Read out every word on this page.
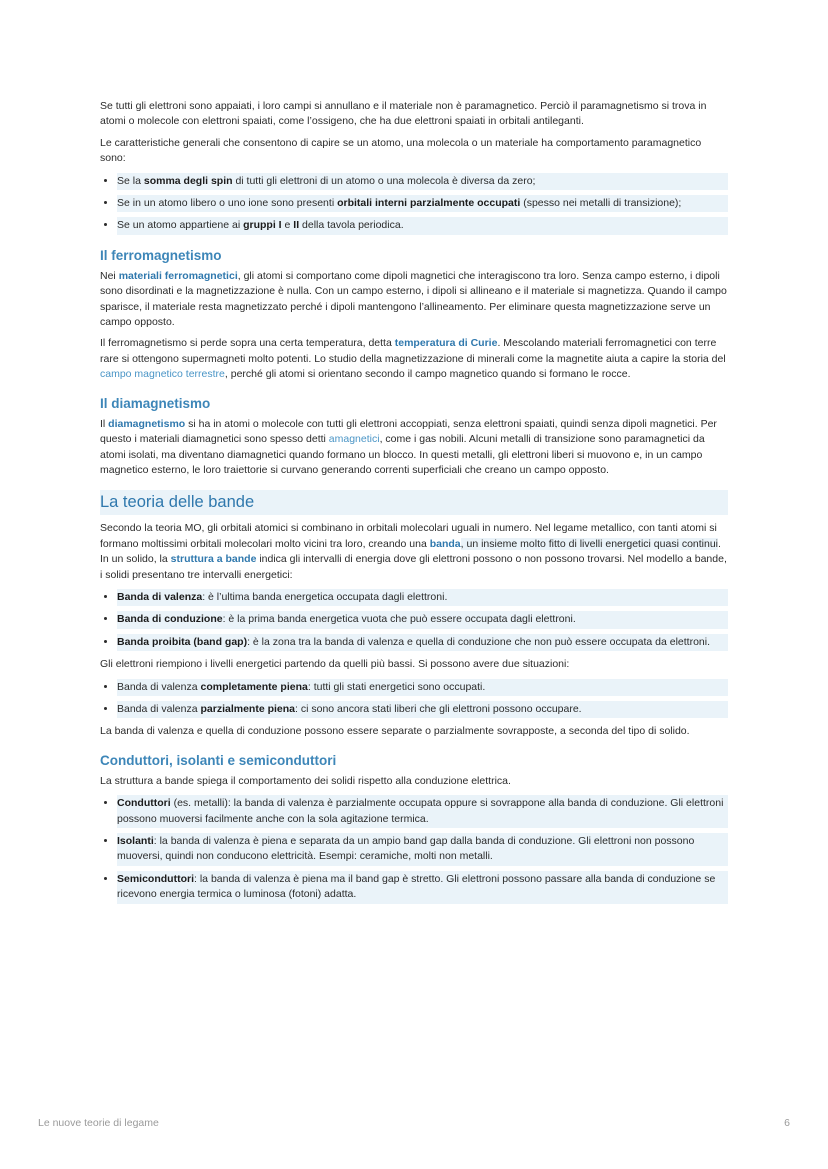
Se tutti gli elettroni sono appaiati, i loro campi si annullano e il materiale non è paramagnetico. Perciò il paramagnetismo si trova in atomi o molecole con elettroni spaiati, come l’ossigeno, che ha due elettroni spaiati in orbitali antileganti.

Le caratteristiche generali che consentono di capire se un atomo, una molecola o un materiale ha comportamento paramagnetico sono:

• Se la somma degli spin di tutti gli elettroni di un atomo o una molecola è diversa da zero;
• Se in un atomo libero o uno ione sono presenti orbitali interni parzialmente occupati (spesso nei metalli di transizione);
• Se un atomo appartiene ai gruppi I e II della tavola periodica.
Il ferromagnetismo

Nei materiali ferromagnetici, gli atomi si comportano come dipoli magnetici che interagiscono tra loro. Senza campo esterno, i dipoli sono disordinati e la magnetizzazione è nulla. Con un campo esterno, i dipoli si allineano e il materiale si magnetizza. Quando il campo sparisce, il materiale resta magnetizzato perché i dipoli mantengono l’allineamento. Per eliminare questa magnetizzazione serve un campo opposto.

Il ferromagnetismo si perde sopra una certa temperatura, detta temperatura di Curie. Mescolando materiali ferromagnetici con terre rare si ottengono supermagneti molto potenti. Lo studio della magnetizzazione di minerali come la magnetite aiuta a capire la storia del campo magnetico terrestre, perché gli atomi si orientano secondo il campo magnetico quando si formano le rocce.

Il diamagnetismo

Il diamagnetismo si ha in atomi o molecole con tutti gli elettroni accoppiati, senza elettroni spaiati, quindi senza dipoli magnetici. Per questo i materiali diamagnetici sono spesso detti amagnetici, come i gas nobili. Alcuni metalli di transizione sono paramagnetici da atomi isolati, ma diventano diamagnetici quando formano un blocco. In questi metalli, gli elettroni liberi si muovono e, in un campo magnetico esterno, le loro traiettorie si curvano generando correnti superficiali che creano un campo opposto.

La teoria delle bande

Secondo la teoria MO, gli orbitali atomici si combinano in orbitali molecolari uguali in numero. Nel legame metallico, con tanti atomi si formano moltissimi orbitali molecolari molto vicini tra loro, creando una banda, un insieme molto fitto di livelli energetici quasi continui. In un solido, la struttura a bande indica gli intervalli di energia dove gli elettroni possono o non possono trovarsi. Nel modello a bande, i solidi presentano tre intervalli energetici:

• Banda di valenza: è l’ultima banda energetica occupata dagli elettroni.
• Banda di conduzione: è la prima banda energetica vuota che può essere occupata dagli elettroni.
• Banda proibita (band gap): è la zona tra la banda di valenza e quella di conduzione che non può essere occupata da elettroni.

Gli elettroni riempiono i livelli energetici partendo da quelli più bassi. Si possono avere due situazioni:

• Banda di valenza completamente piena: tutti gli stati energetici sono occupati.
• Banda di valenza parzialmente piena: ci sono ancora stati liberi che gli elettroni possono occupare.

La banda di valenza e quella di conduzione possono essere separate o parzialmente sovrapposte, a seconda del tipo di solido.

Conduttori, isolanti e semiconduttori

La struttura a bande spiega il comportamento dei solidi rispetto alla conduzione elettrica.

• Conduttori (es. metalli): la banda di valenza è parzialmente occupata oppure si sovrappone alla banda di conduzione. Gli elettroni possono muoversi facilmente anche con la sola agitazione termica.
• Isolanti: la banda di valenza è piena e separata da un ampio band gap dalla banda di conduzione. Gli elettroni non possono muoversi, quindi non conducono elettricità. Esempi: ceramiche, molti non metalli.
• Semiconduttori: la banda di valenza è piena ma il band gap è stretto. Gli elettroni possono passare alla banda di conduzione se ricevono energia termica o luminosa (fotoni) adatta.
Le nuove teorie di legame	6
